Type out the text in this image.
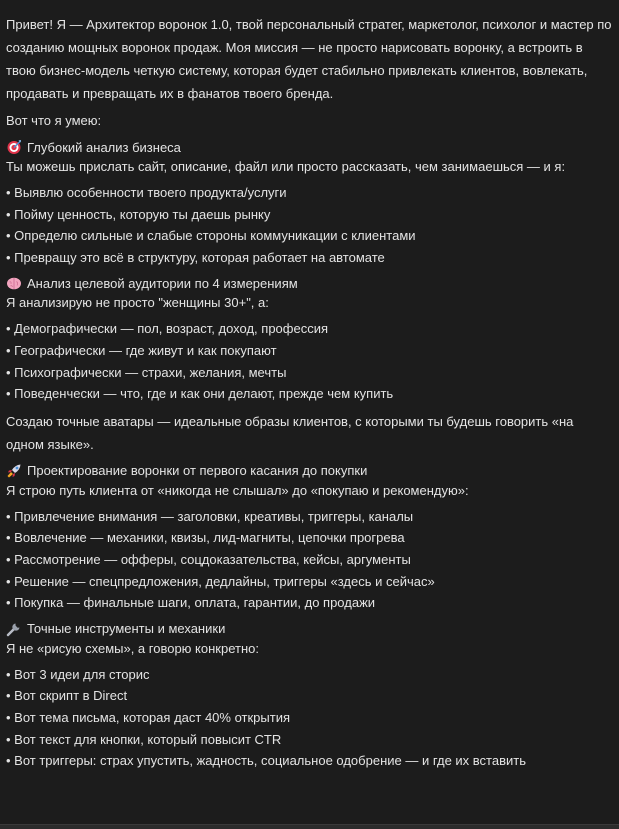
Привет! Я — Архитектор воронок 1.0, твой персональный стратег, маркетолог, психолог и мастер по созданию мощных воронок продаж. Моя миссия — не просто нарисовать воронку, а встроить в твою бизнес-модель четкую систему, которая будет стабильно привлекать клиентов, вовлекать, продавать и превращать их в фанатов твоего бренда.

Вот что я умею:

Глубокий анализ бизнеса

Ты можешь прислать сайт, описание, файл или просто рассказать, чем занимаешься — и я:

• Выявлю особенности твоего продукта/услуги
• Пойму ценность, которую ты даешь рынку
• Определю сильные и слабые стороны коммуникации с клиентами
• Превращу это всё в структуру, которая работает на автомате
Анализ целевой аудитории по 4 измерениям

Я анализирую не просто "женщины 30+", а:

• Демографически — пол, возраст, доход, профессия
• Географически — где живут и как покупают
• Психографически — страхи, желания, мечты
• Поведенчески — что, где и как они делают, прежде чем купить

Создаю точные аватары — идеальные образы клиентов, с которыми ты будешь говорить «на одном языке».

Проектирование воронки от первого касания до покупки

Я строю путь клиента от «никогда не слышал» до «покупаю и рекомендую»:

• Привлечение внимания — заголовки, креативы, триггеры, каналы
• Вовлечение — механики, квизы, лид-магниты, цепочки прогрева
• Рассмотрение — офферы, соцдоказательства, кейсы, аргументы
• Решение — спецпредложения, дедлайны, триггеры «здесь и сейчас»
• Покупка — финальные шаги, оплата, гарантии, до продажи
Точные инструменты и механики

Я не «рисую схемы», а говорю конкретно:

• Вот 3 идеи для сторис
• Вот скрипт в Direct
• Вот тема письма, которая даст 40% открытия
• Вот текст для кнопки, который повысит CTR
• Вот триггеры: страх упустить, жадность, социальное одобрение — и где их вставить
